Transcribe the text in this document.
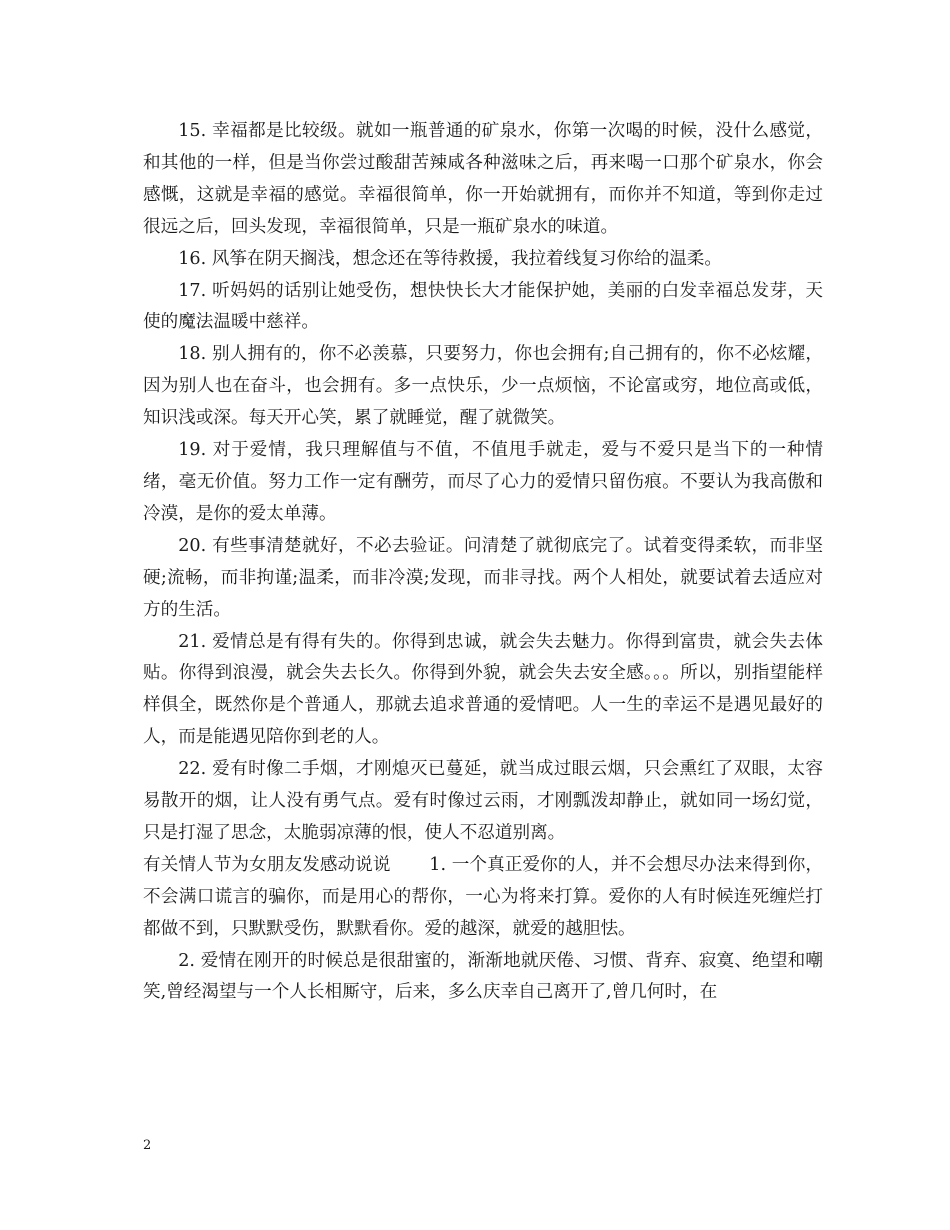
15. 幸福都是比较级。就如一瓶普通的矿泉水，你第一次喝的时候，没什么感觉，和其他的一样，但是当你尝过酸甜苦辣咸各种滋味之后，再来喝一口那个矿泉水，你会感慨，这就是幸福的感觉。幸福很简单，你一开始就拥有，而你并不知道，等到你走过很远之后，回头发现，幸福很简单，只是一瓶矿泉水的味道。

16. 风筝在阴天搁浅，想念还在等待救援，我拉着线复习你给的温柔。

17. 听妈妈的话别让她受伤，想快快长大才能保护她，美丽的白发幸福总发芽，天使的魔法温暖中慈祥。

18. 别人拥有的，你不必羡慕，只要努力，你也会拥有;自己拥有的，你不必炫耀，因为别人也在奋斗，也会拥有。多一点快乐，少一点烦恼，不论富或穷，地位高或低，知识浅或深。每天开心笑，累了就睡觉，醒了就微笑。

19. 对于爱情，我只理解值与不值，不值甩手就走，爱与不爱只是当下的一种情绪，毫无价值。努力工作一定有酬劳，而尽了心力的爱情只留伤痕。不要认为我高傲和冷漠，是你的爱太单薄。

20. 有些事清楚就好，不必去验证。问清楚了就彻底完了。试着变得柔软，而非坚硬;流畅，而非拘谨;温柔，而非冷漠;发现，而非寻找。两个人相处，就要试着去适应对方的生活。

21. 爱情总是有得有失的。你得到忠诚，就会失去魅力。你得到富贵，就会失去体贴。你得到浪漫，就会失去长久。你得到外貌，就会失去安全感。。。所以，别指望能样样俱全，既然你是个普通人，那就去追求普通的爱情吧。人一生的幸运不是遇见最好的人，而是能遇见陪你到老的人。

22. 爱有时像二手烟，才刚熄灭已蔓延，就当成过眼云烟，只会熏红了双眼，太容易散开的烟，让人没有勇气点。爱有时像过云雨，才刚瓢泼却静止，就如同一场幻觉，只是打湿了思念，太脆弱凉薄的恨，使人不忍道别离。

有关情人节为女朋友发感动说说 1. 一个真正爱你的人，并不会想尽办法来得到你，不会满口谎言的骗你，而是用心的帮你，一心为将来打算。爱你的人有时候连死缠烂打都做不到，只默默受伤，默默看你。爱的越深，就爱的越胆怯。

2. 爱情在刚开的时候总是很甜蜜的，渐渐地就厌倦、习惯、背弃、寂寞、绝望和嘲笑,曾经渴望与一个人长相厮守，后来，多么庆幸自己离开了,曾几何时，在

2
